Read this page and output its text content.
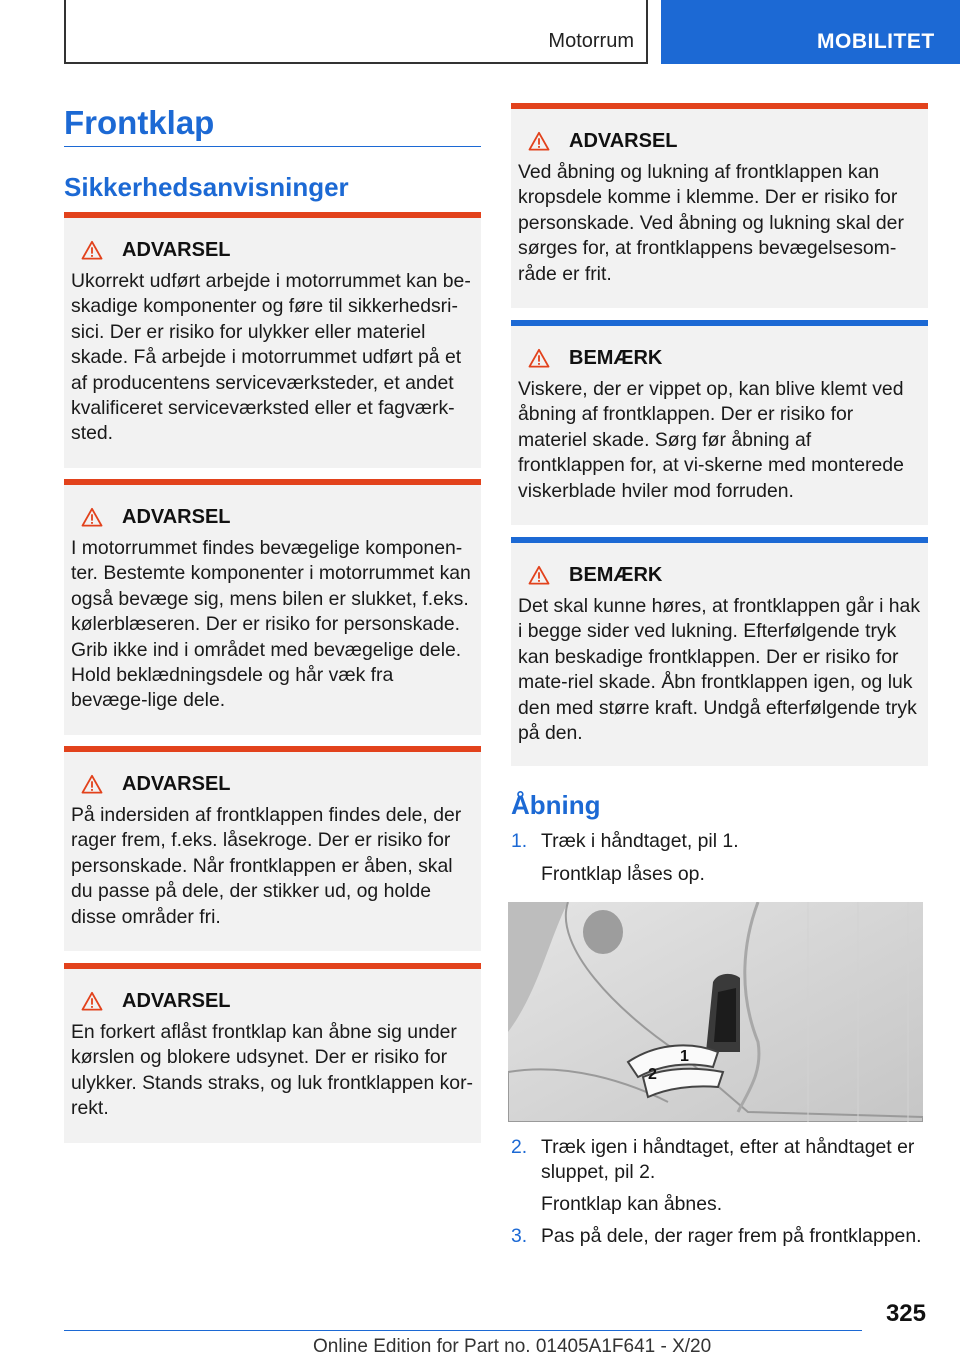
Motorrum	MOBILITET
Frontklap
Sikkerhedsanvisninger
ADVARSEL

Ukorrekt udført arbejde i motorrummet kan be-skadige komponenter og føre til sikkerhedsri-sici. Der er risiko for ulykker eller materiel skade. Få arbejde i motorrummet udført på et af producentens serviceværksteder, et andet kvalificeret serviceværksted eller et fagværk-sted.

ADVARSEL

I motorrummet findes bevægelige komponen-ter. Bestemte komponenter i motorrummet kan også bevæge sig, mens bilen er slukket, f.eks. kølerblæseren. Der er risiko for personskade. Grib ikke ind i området med bevægelige dele. Hold beklædningsdele og hår væk fra bevæge-lige dele.

ADVARSEL

På indersiden af frontklappen findes dele, der rager frem, f.eks. låsekroge. Der er risiko for personskade. Når frontklappen er åben, skal du passe på dele, der stikker ud, og holde disse områder fri.

ADVARSEL

En forkert aflåst frontklap kan åbne sig under kørslen og blokere udsynet. Der er risiko for ulykker. Stands straks, og luk frontklappen kor-rekt.

ADVARSEL

Ved åbning og lukning af frontklappen kan kropsdele komme i klemme. Der er risiko for personskade. Ved åbning og lukning skal der sørges for, at frontklappens bevægelsesom-råde er frit.

BEMÆRK

Viskere, der er vippet op, kan blive klemt ved åbning af frontklappen. Der er risiko for materiel skade. Sørg før åbning af frontklappen for, at vi-skerne med monterede viskerblade hviler mod forruden.

BEMÆRK

Det skal kunne høres, at frontklappen går i hak i begge sider ved lukning. Efterfølgende tryk kan beskadige frontklappen. Der er risiko for mate-riel skade. Åbn frontklappen igen, og luk den med større kraft. Undgå efterfølgende tryk på den.

Åbning
1. Træk i håndtaget, pil 1.
Frontklap låses op.
1
2
2. Træk igen i håndtaget, efter at håndtaget er sluppet, pil 2.
Frontklap kan åbnes.
3. Pas på dele, der rager frem på frontklappen.
325
Online Edition for Part no. 01405A1F641 - X/20
